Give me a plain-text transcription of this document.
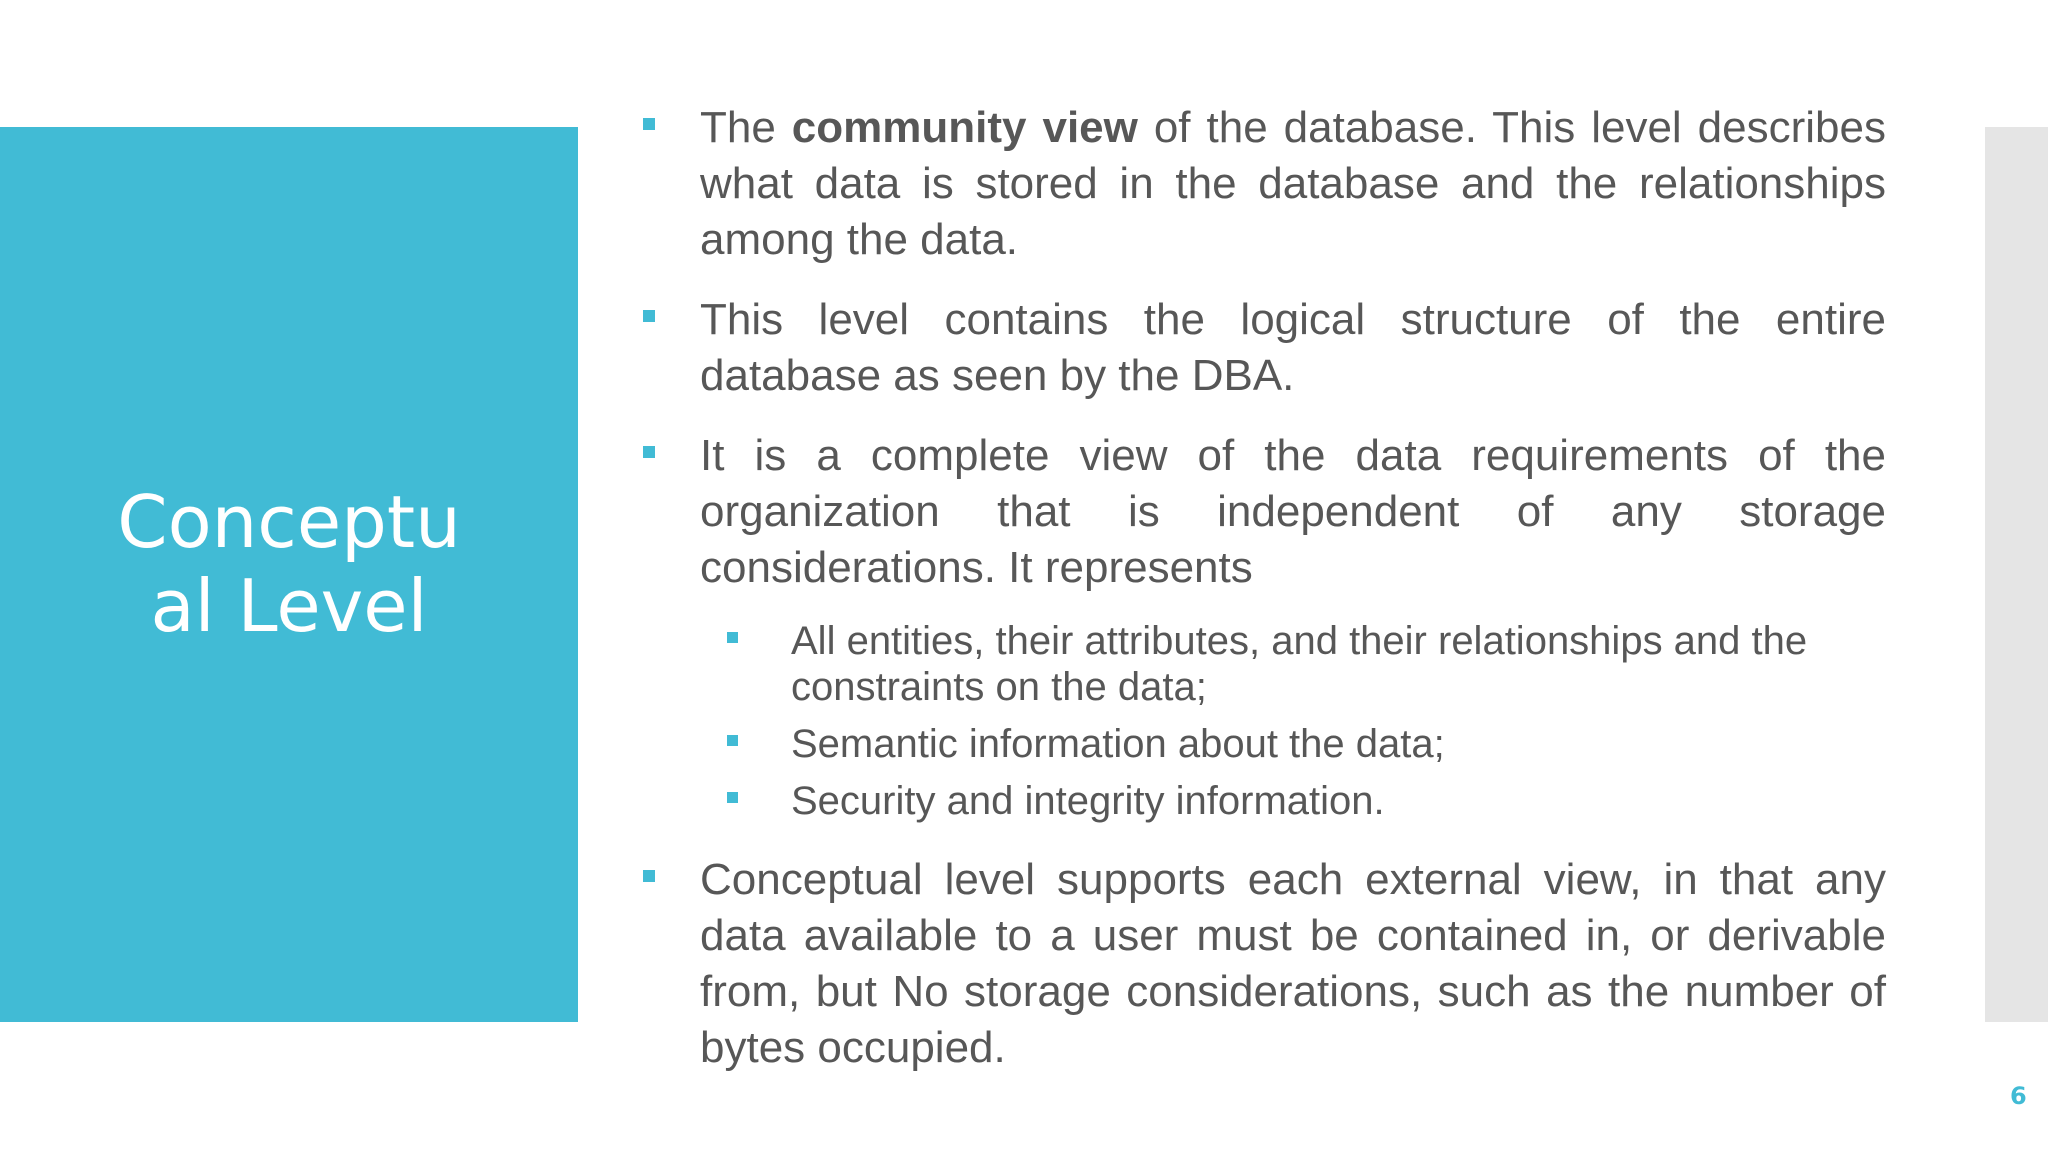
Conceptu
al Level
The community view of the database. This level describes what data is stored in the database and the relationships among the data.
This level contains the logical structure of the entire database as seen by the DBA.
It is a complete view of the data requirements of the organization that is independent of any storage considerations. It represents
All entities, their attributes, and their relationships and the constraints on the data;
Semantic information about the data;
Security and integrity information.
Conceptual level supports each external view, in that any data available to a user must be contained in, or derivable from, but No storage considerations, such as the number of bytes occupied.
6
